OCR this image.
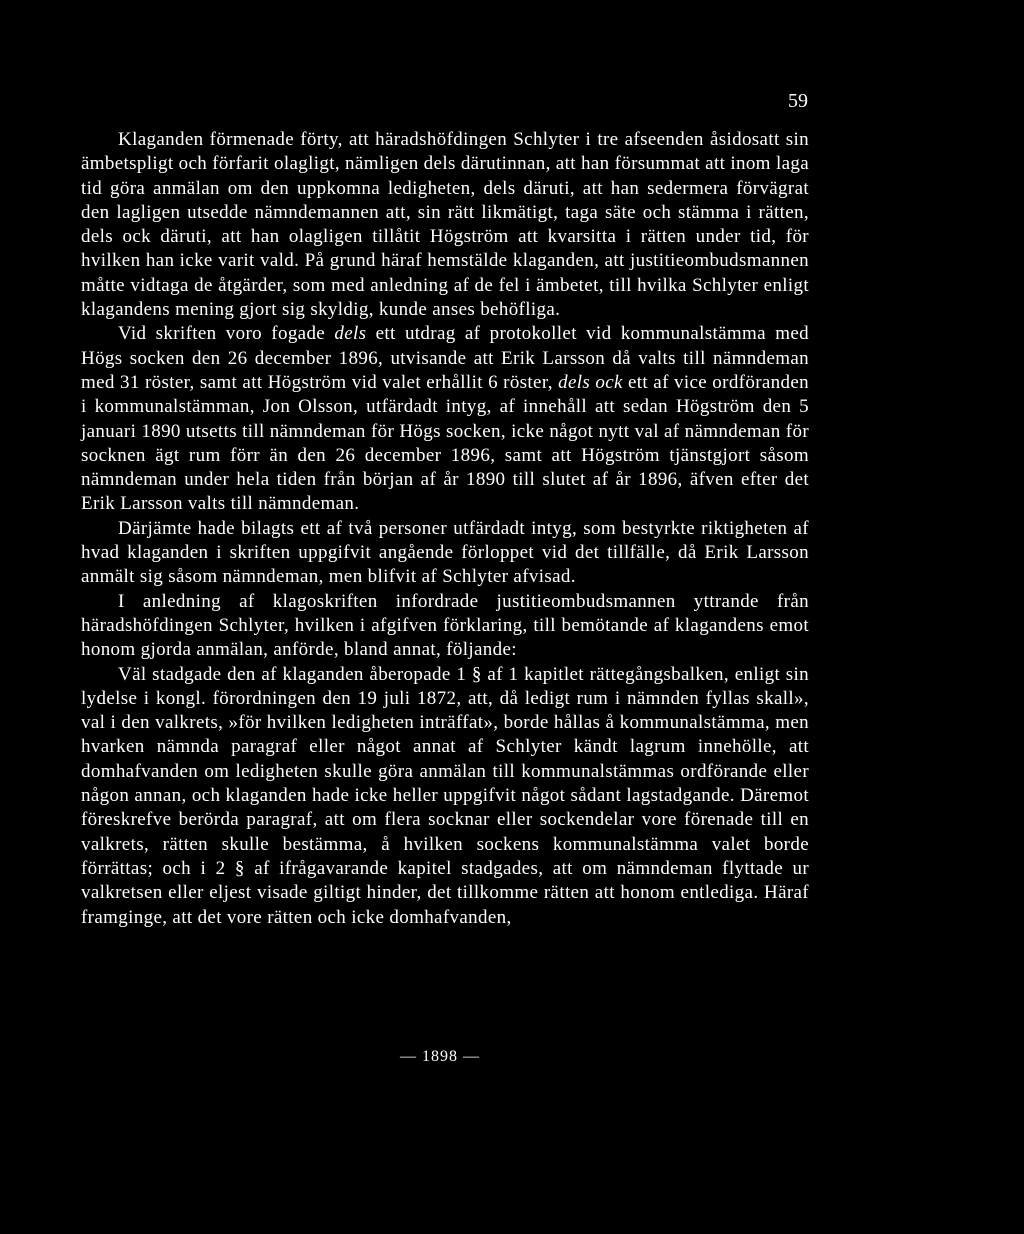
59

Klaganden förmenade förty, att häradshöfdingen Schlyter i tre afseenden åsidosatt sin ämbetspligt och förfarit olagligt, nämligen dels därutinnan, att han försummat att inom laga tid göra anmälan om den uppkomna ledigheten, dels däruti, att han sedermera förvägrat den lagligen utsedde nämndemannen att, sin rätt likmätigt, taga säte och stämma i rätten, dels ock däruti, att han olagligen tillåtit Högström att kvarsitta i rätten under tid, för hvilken han icke varit vald. På grund häraf hemstälde klaganden, att justitieombudsmannen måtte vidtaga de åtgärder, som med anledning af de fel i ämbetet, till hvilka Schlyter enligt klagandens mening gjort sig skyldig, kunde anses behöfliga.

Vid skriften voro fogade dels ett utdrag af protokollet vid kommunalstämma med Högs socken den 26 december 1896, utvisande att Erik Larsson då valts till nämndeman med 31 röster, samt att Högström vid valet erhållit 6 röster, dels ock ett af vice ordföranden i kommunalstämman, Jon Olsson, utfärdadt intyg, af innehåll att sedan Högström den 5 januari 1890 utsetts till nämndeman för Högs socken, icke något nytt val af nämndeman för socknen ägt rum förr än den 26 december 1896, samt att Högström tjänstgjort såsom nämndeman under hela tiden från början af år 1890 till slutet af år 1896, äfven efter det Erik Larsson valts till nämndeman.

Därjämte hade bilagts ett af två personer utfärdadt intyg, som bestyrkte riktigheten af hvad klaganden i skriften uppgifvit angående förloppet vid det tillfälle, då Erik Larsson anmält sig såsom nämndeman, men blifvit af Schlyter afvisad.

I anledning af klagoskriften infordrade justitieombudsmannen yttrande från häradshöfdingen Schlyter, hvilken i afgifven förklaring, till bemötande af klagandens emot honom gjorda anmälan, anförde, bland annat, följande:

Väl stadgade den af klaganden åberopade 1 § af 1 kapitlet rättegångsbalken, enligt sin lydelse i kongl. förordningen den 19 juli 1872, att, då ledigt rum i nämnden fyllas skall», val i den valkrets, »för hvilken ledigheten inträffat», borde hållas å kommunalstämma, men hvarken nämnda paragraf eller något annat af Schlyter kändt lagrum innehölle, att domhafvanden om ledigheten skulle göra anmälan till kommunalstämmas ordförande eller någon annan, och klaganden hade icke heller uppgifvit något sådant lagstadgande. Däremot föreskrefve berörda paragraf, att om flera socknar eller sockendelar vore förenade till en valkrets, rätten skulle bestämma, å hvilken sockens kommunalstämma valet borde förrättas; och i 2 § af ifrågavarande kapitel stadgades, att om nämndeman flyttade ur valkretsen eller eljest visade giltigt hinder, det tillkomme rätten att honom entlediga. Häraf framginge, att det vore rätten och icke domhafvanden,

— 1898 —
